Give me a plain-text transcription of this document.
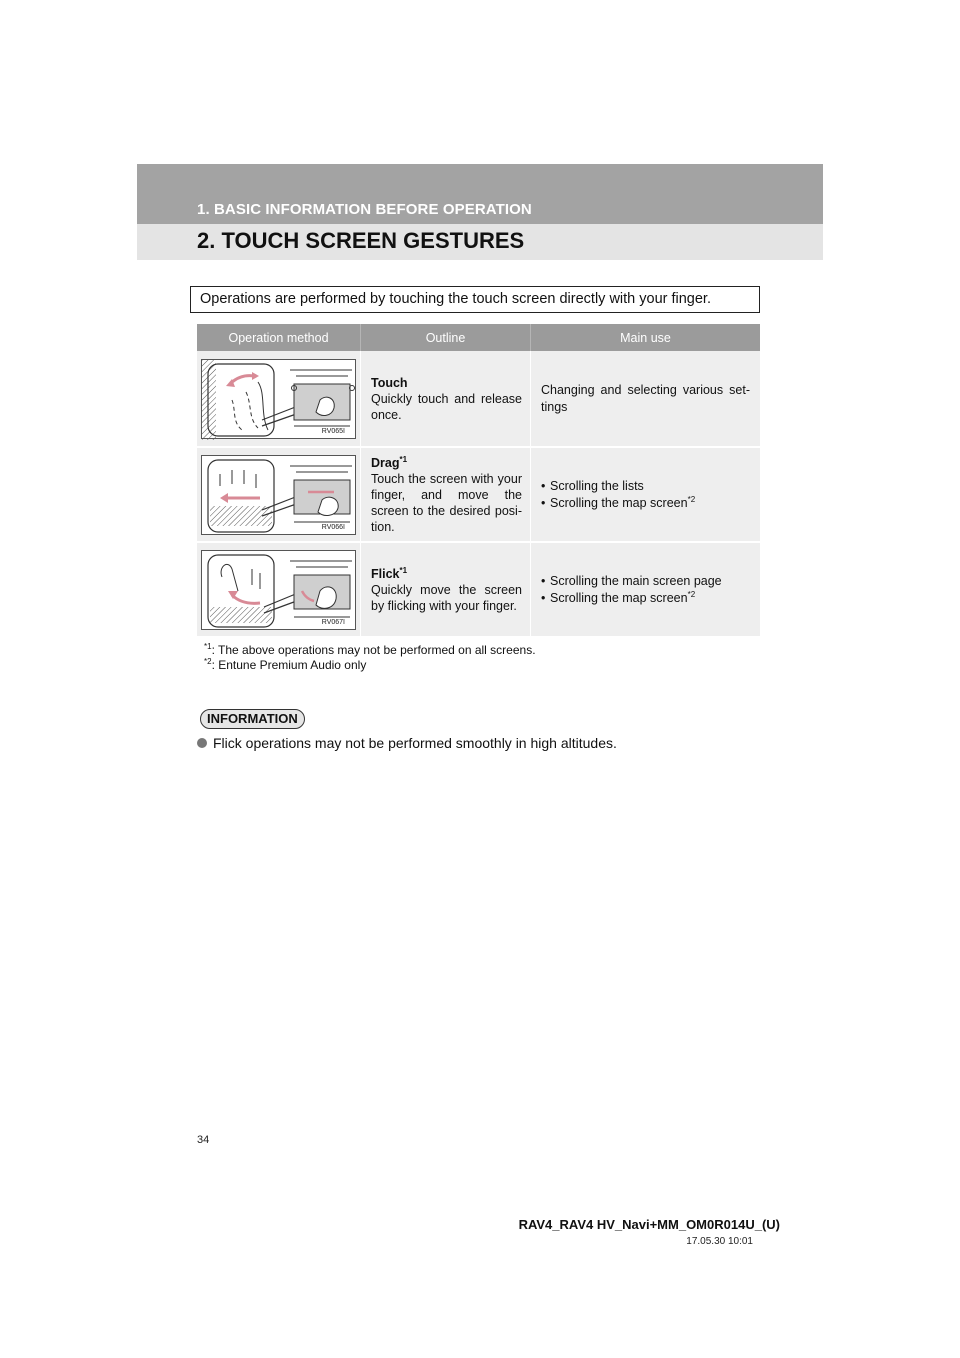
1. BASIC INFORMATION BEFORE OPERATION
2. TOUCH SCREEN GESTURES
Operations are performed by touching the touch screen directly with your finger.
Operation method	Outline	Main use
RV065I
Touch
Quickly touch and release once.
Changing and selecting various set-tings
RV066I
Drag$^{*1}$
Touch the screen with your finger, and move the screen to the desired posi-tion.
• Scrolling the lists
• Scrolling the map screen$^{*2}$
RV067I
Flick$^{*1}$
Quickly move the screen by flicking with your finger.
• Scrolling the main screen page
• Scrolling the map screen$^{*2}$
$^{*1}$: The above operations may not be performed on all screens.
$^{*2}$: Entune Premium Audio only
INFORMATION
Flick operations may not be performed smoothly in high altitudes.
34
RAV4_RAV4 HV_Navi+MM_OM0R014U_(U)
17.05.30 10:01
